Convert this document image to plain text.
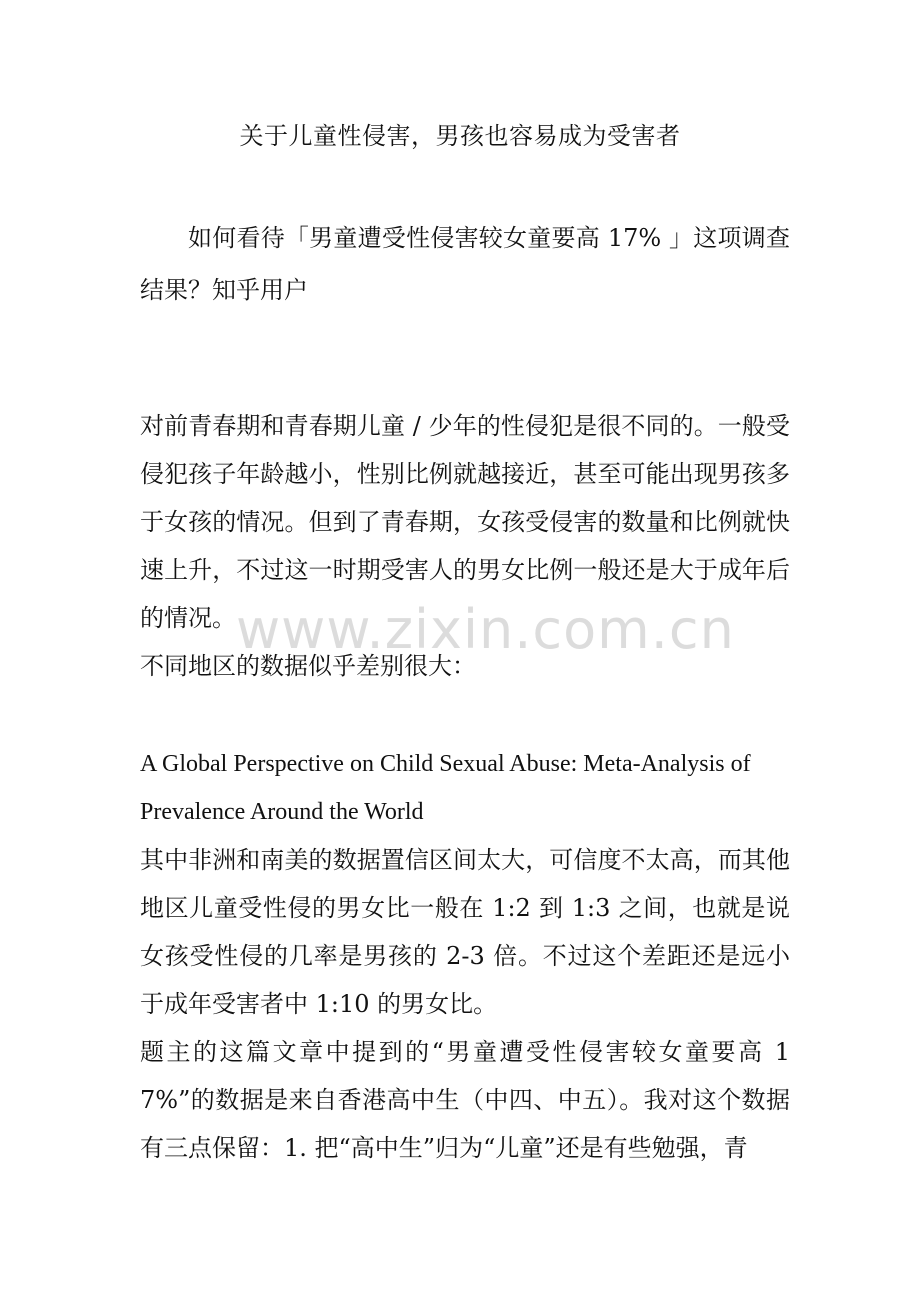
关于儿童性侵害，男孩也容易成为受害者
如何看待「男童遭受性侵害较女童要高 17% 」这项调查结果？知乎用户

对前青春期和青春期儿童 / 少年的性侵犯是很不同的。一般受侵犯孩子年龄越小，性别比例就越接近，甚至可能出现男孩多于女孩的情况。但到了青春期，女孩受侵害的数量和比例就快速上升，不过这一时期受害人的男女比例一般还是大于成年后的情况。

不同地区的数据似乎差别很大：

A Global Perspective on Child Sexual Abuse: Meta-Analysis of Prevalence Around the World

其中非洲和南美的数据置信区间太大，可信度不太高，而其他地区儿童受性侵的男女比一般在 1:2 到 1:3 之间，也就是说女孩受性侵的几率是男孩的 2-3 倍。不过这个差距还是远小于成年受害者中 1:10 的男女比。

题主的这篇文章中提到的“男童遭受性侵害较女童要高 17%”的数据是来自香港高中生（中四、中五）。我对这个数据有三点保留：1. 把“高中生”归为“儿童”还是有些勉强，青

www.zixin.com.cn
